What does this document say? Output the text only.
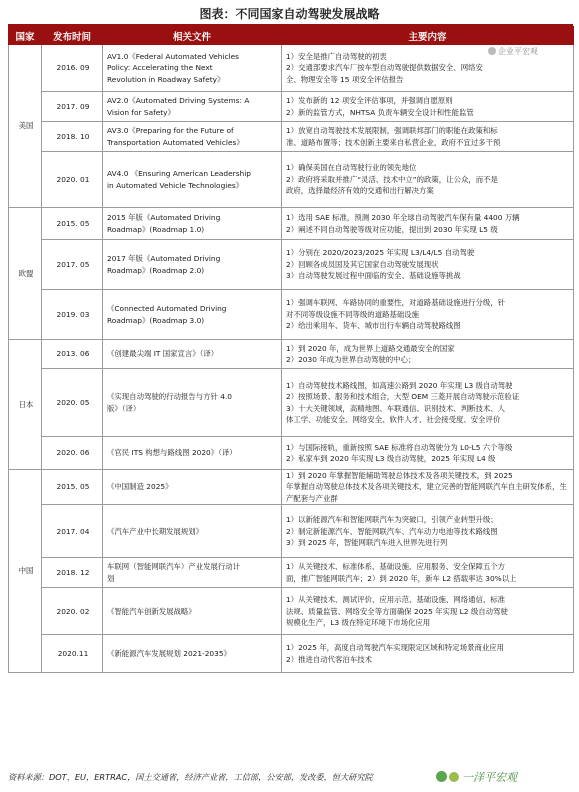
图表：不同国家自动驾驶发展战略
国家	发布时间	相关文件	主要内容
美国	2016. 09	AV1.0《Federal Automated Vehicles
Policy: Accelerating the Next
Revolution in Roadway Safety》	1）安全是推广自动驾驶的初衷
2）交通部要求汽车厂按车型自动驾驶提供数据安全、网络安
全、物理安全等 15 项安全评估报告

	2017. 09	AV2.0《Automated Driving Systems: A
Vision for Safety》	1）发布新的 12 项安全评估事项，并强调自愿原则
2）新的监管方式，NHTSA 负责车辆安全设计和性能监管

	2018. 10	AV3.0《Preparing for the Future of
Transportation Automated Vehicles》	1）放宽自动驾驶技术发展限制，强调联邦部门的职能在政策和标
准、道路布置等；技术创新主要来自私营企业，政府不宜过多干预

	2020. 01	AV4.0 《Ensuring American Leadership
in Automated Vehicle Technologies》	1）确保美国在自动驾驶行业的领先地位
2）政府将采取并推广“灵活、技术中立”的政策，让公众，而不是
政府，选择最经济有效的交通和出行解决方案

欧盟	2015. 05	2015 年版《Automated Driving
Roadmap》(Roadmap 1.0)	1）选用 SAE 标准，预测 2030 年全球自动驾驶汽车保有量 4400 万辆
2）阐述不同自动驾驶等级对应功能，提出到 2030 年实现 L5 级

	2017. 05	2017 年版《Automated Driving
Roadmap》(Roadmap 2.0)	1）分别在 2020/2023/2025 年实现 L3/L4/L5 自动驾驶
2）回顾各成员国及其它国家自动驾驶发展现状
3）自动驾驶发展过程中面临的安全、基础设施等挑战

	2019. 03	《Connected Automated Driving
Roadmap》(Roadmap 3.0)	1）强调车联网、车路协同的重要性，对道路基础设施进行分级，针
对不同等级设施不同等级的道路基础设施
2）给出乘用车、货车、城市出行车辆自动驾驶路线图

日本	2013. 06	《创建最尖端 IT 国家宣言》（译）	1）到 2020 年，成为世界上道路交通最安全的国家
2）2030 年成为世界自动驾驶的中心；

	2020. 05	《实现自动驾驶的行动报告与方针 4.0
版》（译）	1）自动驾驶技术路线图，如高速公路到 2020 年实现 L3 级自动驾驶
2）按照场景、服务和技术组合，大型 OEM 三菱开展自动驾驶示范验证
3）十大关键领域，高精地图、车联通信、识别技术、判断技术、人
体工学、功能安全、网络安全、软件人才、社会接受度、安全评价

	2020. 06	《官民 ITS 构想与路线图 2020》（译）	1）与国际接轨，重新按照 SAE 标准将自动驾驶分为 L0-L5 六个等级
2）私家车到 2020 年实现 L3 级自动驾驶，2025 年实现 L4 级

中国	2015. 05	《中国制造 2025》	1）到 2020 年掌握智能辅助驾驶总体技术及各项关键技术，到 2025
年掌握自动驾驶总体技术及各项关键技术，建立完善的智能网联汽车自主研发体系，生产配套与产业群

	2017. 04	《汽车产业中长期发展规划》	1）以新能源汽车和智能网联汽车为突破口，引领产业转型升级；
2）制定新能源汽车、智能网联汽车、汽车动力电池等技术路线图
3）到 2025 年，智能网联汽车进入世界先进行列

	2018. 12	车联网（智能网联汽车）产业发展行动计
划	1）从关键技术、标准体系、基础设施、应用服务、安全保障五个方
面，推广智能网联汽车；2）到 2020 年，新车 L2 搭载率达 30%以上

	2020. 02	《智能汽车创新发展战略》	1）从关键技术、测试评价、应用示范、基础设施、网络通信、标准
法规、质量监管、网络安全等方面确保 2025 年实现 L2 级自动驾驶
规模化生产，L3 级在特定环境下市场化应用

	2020.11	《新能源汽车发展规划 2021-2035》	1）2025 年，高度自动驾驶汽车实现限定区域和特定场景商业应用
2）推进自动代客泊车技术
企业平宏观
资料来源：DOT，EU，ERTRAC，国土交通省，经济产业省，工信部，公安部，发改委，恒大研究院	一洋平宏观
